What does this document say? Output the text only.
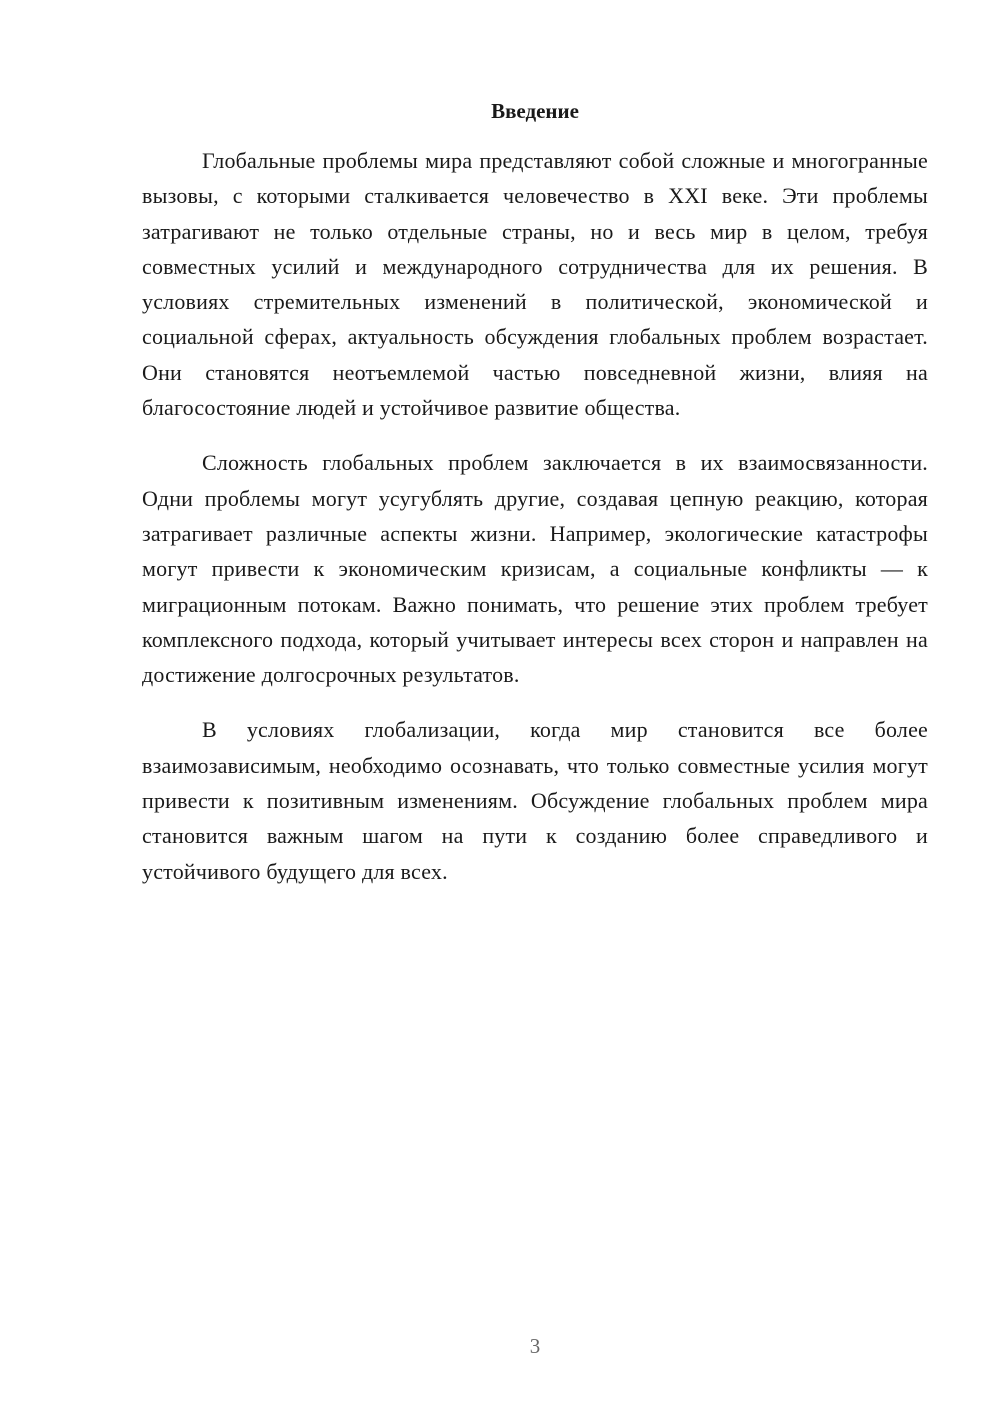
Введение

Глобальные проблемы мира представляют собой сложные и многогранные вызовы, с которыми сталкивается человечество в XXI веке. Эти проблемы затрагивают не только отдельные страны, но и весь мир в целом, требуя совместных усилий и международного сотрудничества для их решения. В условиях стремительных изменений в политической, экономической и социальной сферах, актуальность обсуждения глобальных проблем возрастает. Они становятся неотъемлемой частью повседневной жизни, влияя на благосостояние людей и устойчивое развитие общества.

Сложность глобальных проблем заключается в их взаимосвязанности. Одни проблемы могут усугублять другие, создавая цепную реакцию, которая затрагивает различные аспекты жизни. Например, экологические катастрофы могут привести к экономическим кризисам, а социальные конфликты — к миграционным потокам. Важно понимать, что решение этих проблем требует комплексного подхода, который учитывает интересы всех сторон и направлен на достижение долгосрочных результатов.

В условиях глобализации, когда мир становится все более взаимозависимым, необходимо осознавать, что только совместные усилия могут привести к позитивным изменениям. Обсуждение глобальных проблем мира становится важным шагом на пути к созданию более справедливого и устойчивого будущего для всех.

3
